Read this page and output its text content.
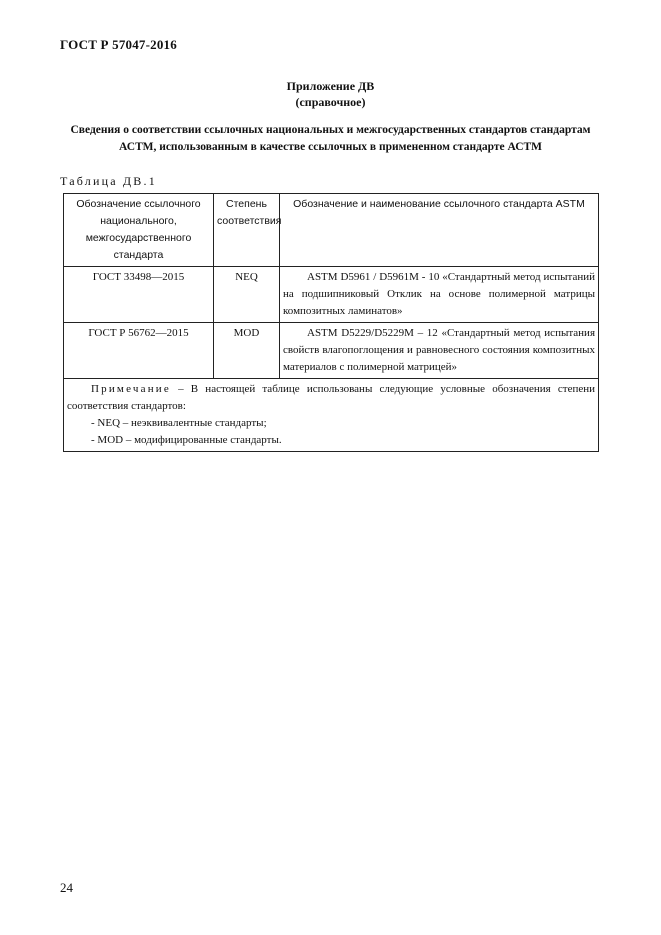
ГОСТ Р 57047-2016
Приложение ДВ
(справочное)
Сведения о соответствии ссылочных национальных и межгосударственных стандартов стандартам АСТМ, использованным в качестве ссылочных в примененном стандарте АСТМ
Таблица ДВ.1
Обозначение ссылочного национального, межгосударственного стандарта	Степень соответствия	Обозначение и наименование ссылочного стандарта ASTM
ГОСТ 33498—2015	NEQ	ASTM D5961 / D5961M - 10 «Стандартный метод испытаний на подшипниковый Отклик на основе полимерной матрицы композитных ламинатов»
ГОСТ Р 56762—2015	MOD	ASTM D5229/D5229M – 12 «Стандартный метод испытания свойств влагопоглощения и равновесного состояния композитных материалов с полимерной матрицей»

Примечание – В настоящей таблице использованы следующие условные обозначения степени соответствия стандартов:
- NEQ – неэквивалентные стандарты;
- MOD – модифицированные стандарты.		
24
